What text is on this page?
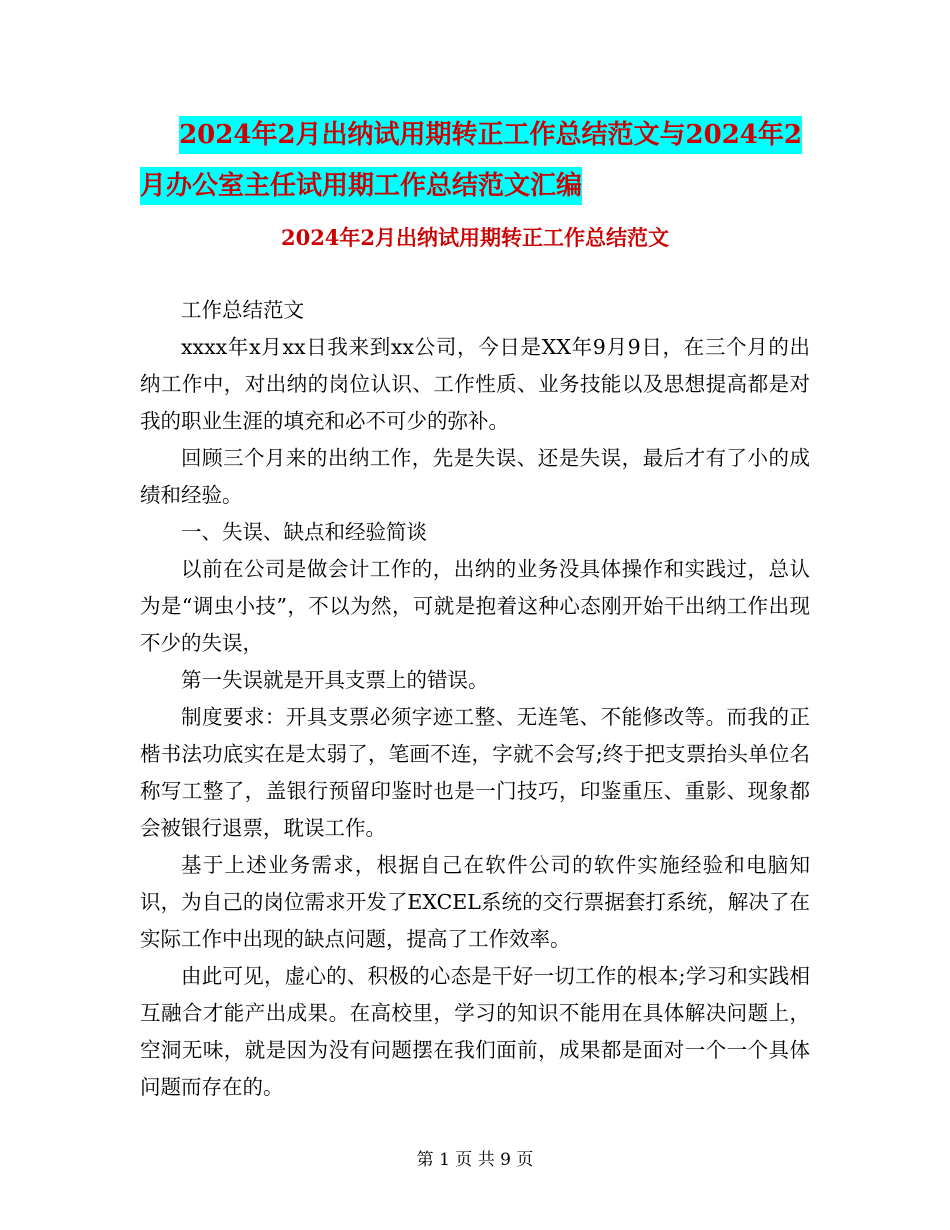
2024年2月出纳试用期转正工作总结范文与2024年2
月办公室主任试用期工作总结范文汇编
2024年2月出纳试用期转正工作总结范文

工作总结范文

xxxx年x月xx日我来到xx公司，今日是XX年9月9日，在三个月的出纳工作中，对出纳的岗位认识、工作性质、业务技能以及思想提高都是对我的职业生涯的填充和必不可少的弥补。

回顾三个月来的出纳工作，先是失误、还是失误，最后才有了小的成绩和经验。

一、失误、缺点和经验简谈

以前在公司是做会计工作的，出纳的业务没具体操作和实践过，总认为是“调虫小技”，不以为然，可就是抱着这种心态刚开始干出纳工作出现不少的失误，

第一失误就是开具支票上的错误。

制度要求：开具支票必须字迹工整、无连笔、不能修改等。而我的正楷书法功底实在是太弱了，笔画不连，字就不会写;终于把支票抬头单位名称写工整了，盖银行预留印鉴时也是一门技巧，印鉴重压、重影、现象都会被银行退票，耽误工作。

基于上述业务需求，根据自己在软件公司的软件实施经验和电脑知识，为自己的岗位需求开发了EXCEL系统的交行票据套打系统，解决了在实际工作中出现的缺点问题，提高了工作效率。

由此可见，虚心的、积极的心态是干好一切工作的根本;学习和实践相互融合才能产出成果。在高校里，学习的知识不能用在具体解决问题上，空洞无味，就是因为没有问题摆在我们面前，成果都是面对一个一个具体问题而存在的。

第 1 页 共 9 页
